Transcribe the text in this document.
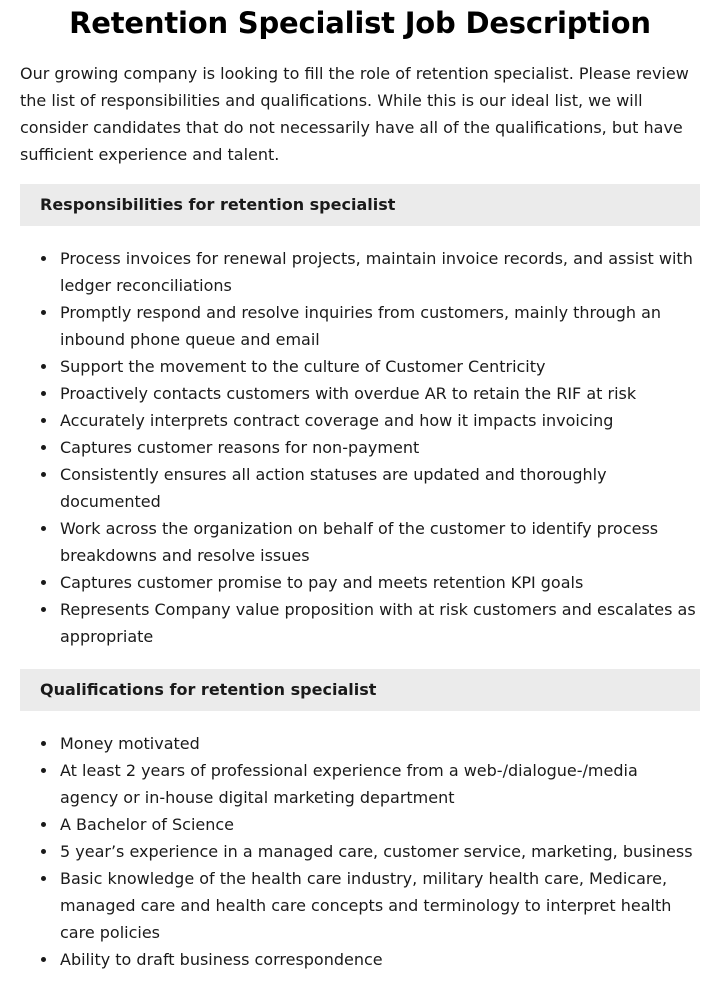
Retention Specialist Job Description

Our growing company is looking to fill the role of retention specialist. Please review the list of responsibilities and qualifications. While this is our ideal list, we will consider candidates that do not necessarily have all of the qualifications, but have sufficient experience and talent.

Responsibilities for retention specialist
Process invoices for renewal projects, maintain invoice records, and assist with ledger reconciliations
Promptly respond and resolve inquiries from customers, mainly through an inbound phone queue and email
Support the movement to the culture of Customer Centricity
Proactively contacts customers with overdue AR to retain the RIF at risk
Accurately interprets contract coverage and how it impacts invoicing
Captures customer reasons for non-payment
Consistently ensures all action statuses are updated and thoroughly documented
Work across the organization on behalf of the customer to identify process breakdowns and resolve issues
Captures customer promise to pay and meets retention KPI goals
Represents Company value proposition with at risk customers and escalates as appropriate
Qualifications for retention specialist
Money motivated
At least 2 years of professional experience from a web-/dialogue-/media agency or in-house digital marketing department
A Bachelor of Science
5 year’s experience in a managed care, customer service, marketing, business
Basic knowledge of the health care industry, military health care, Medicare, managed care and health care concepts and terminology to interpret health care policies
Ability to draft business correspondence
